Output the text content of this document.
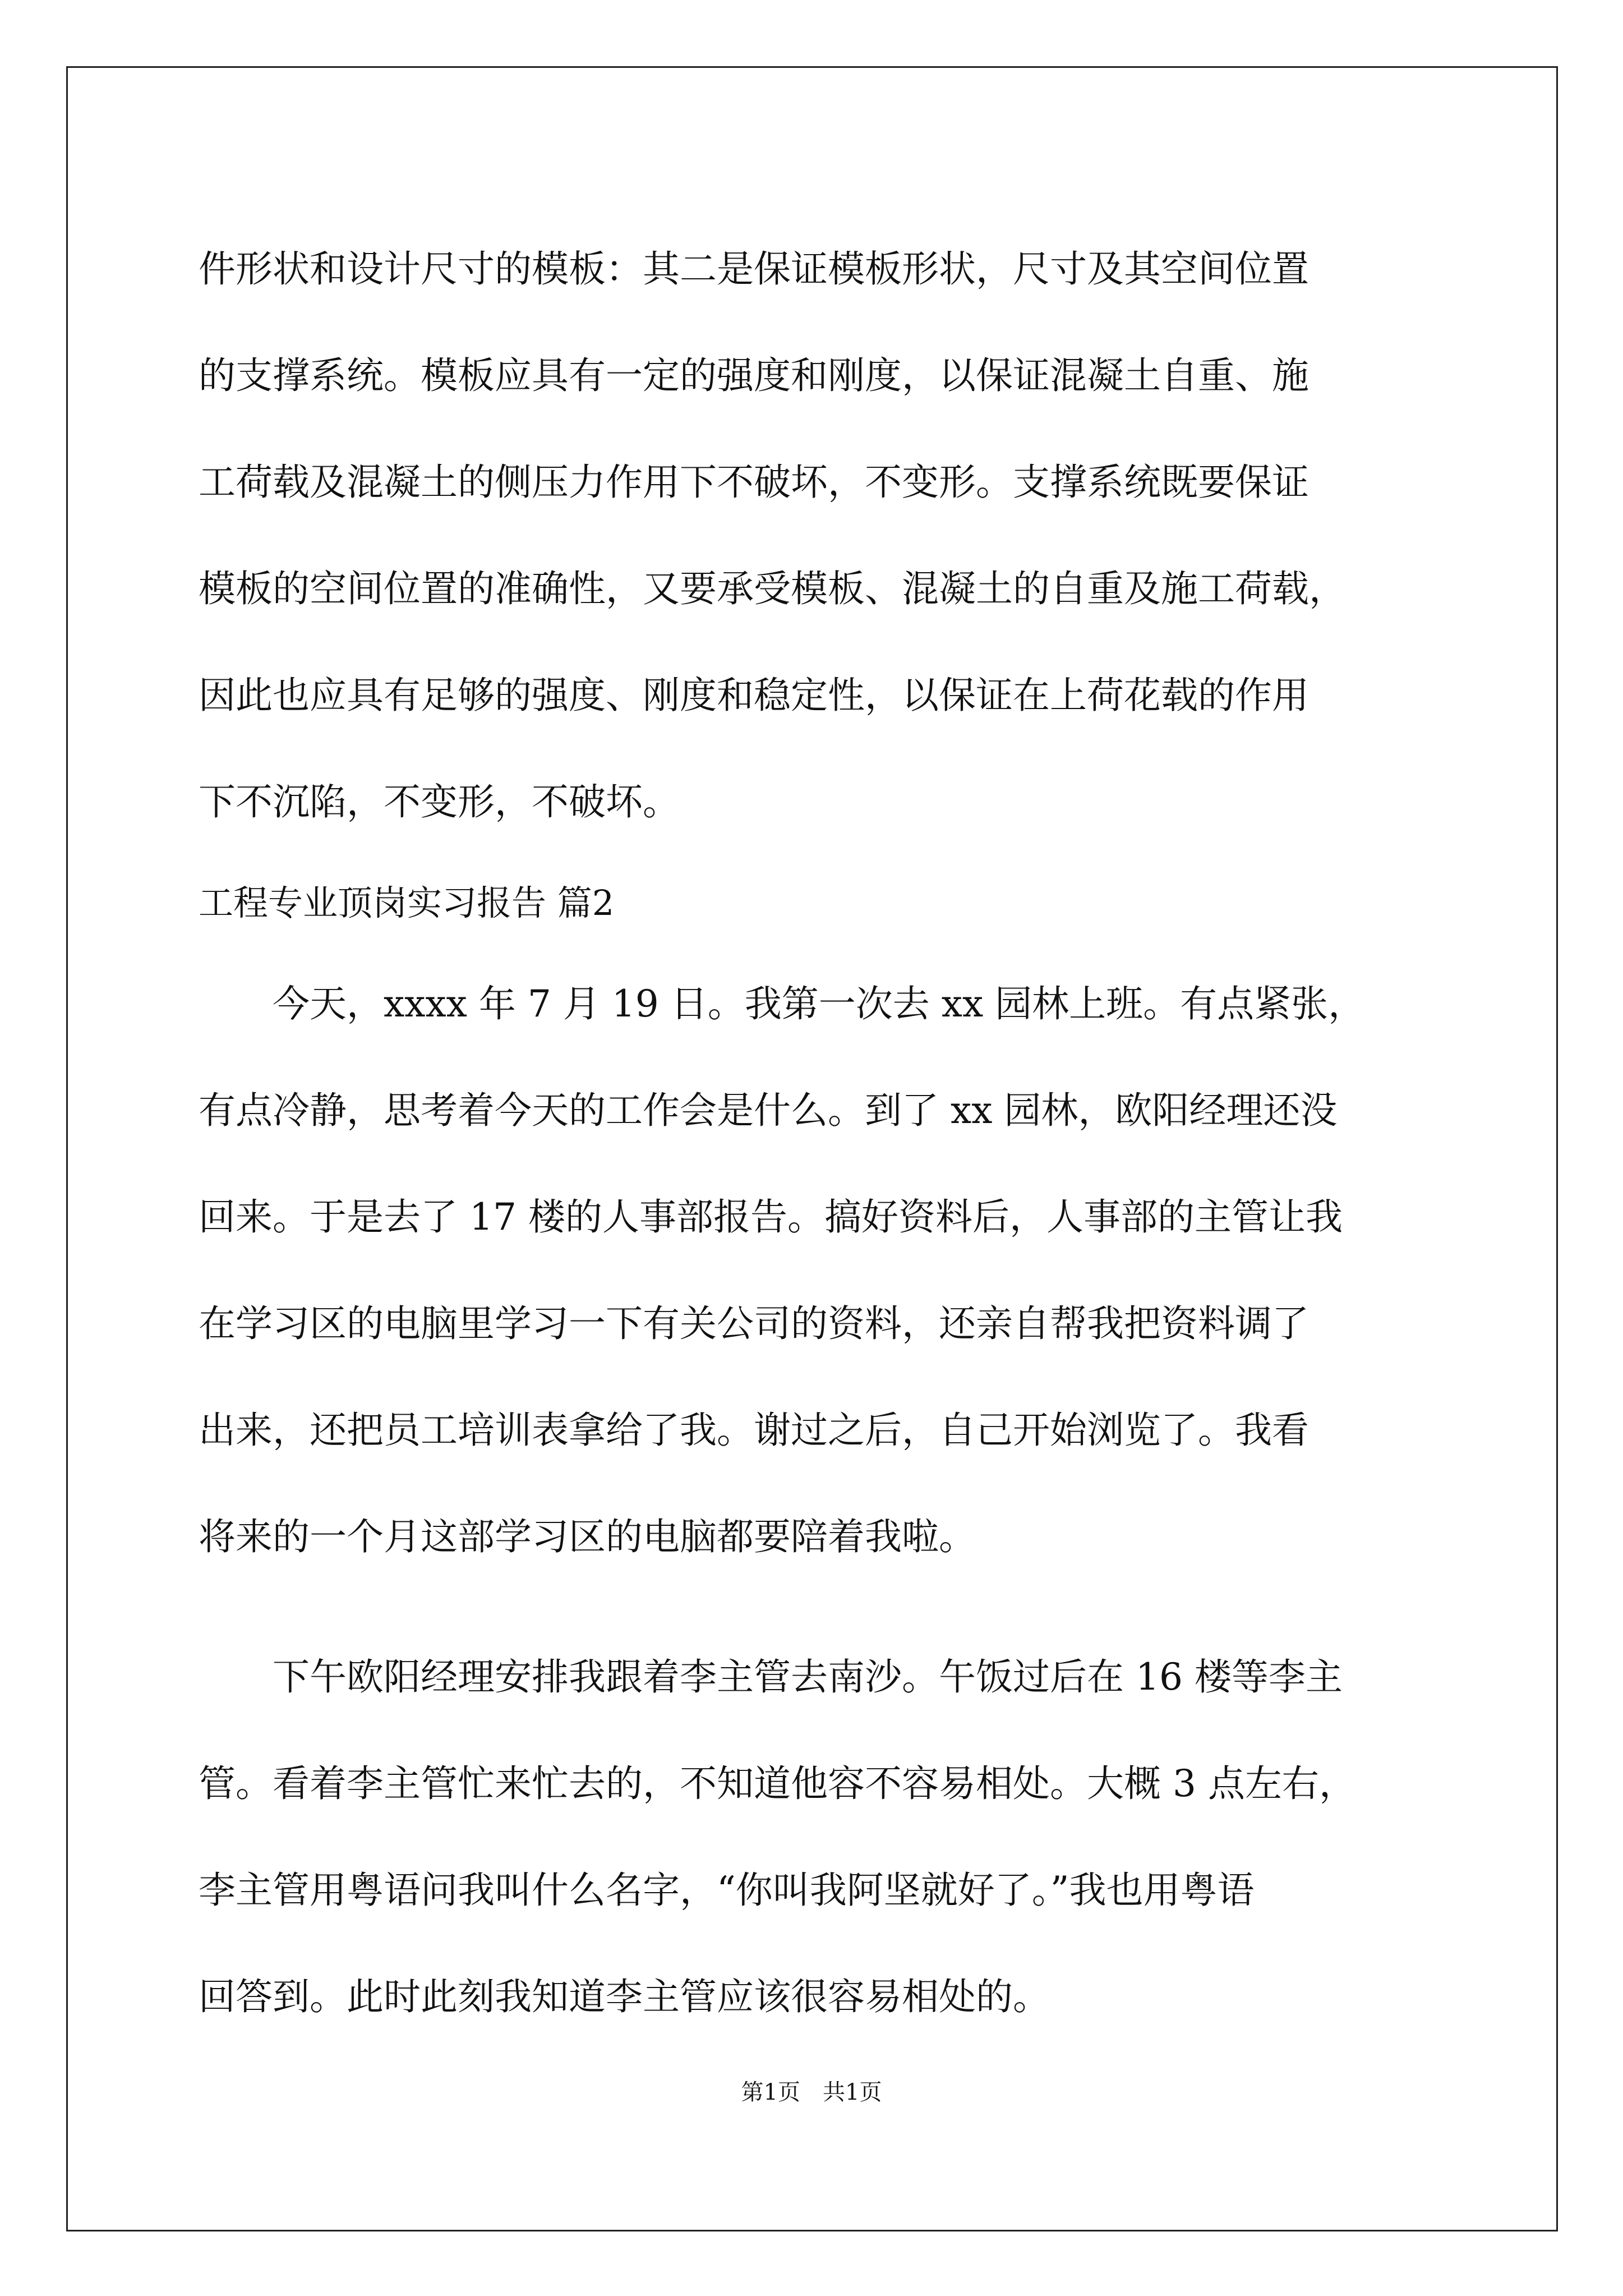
件形状和设计尺寸的模板：其二是保证模板形状，尺寸及其空间位置
的支撑系统。模板应具有一定的强度和刚度，以保证混凝土自重、施
工荷载及混凝土的侧压力作用下不破坏，不变形。支撑系统既要保证
模板的空间位置的准确性，又要承受模板、混凝土的自重及施工荷载，
因此也应具有足够的强度、刚度和稳定性，以保证在上荷花载的作用
下不沉陷，不变形，不破坏。
工程专业顶岗实习报告 篇2
今天，xxxx 年 7 月 19 日。我第一次去 xx 园林上班。有点紧张，
有点冷静，思考着今天的工作会是什么。到了 xx 园林，欧阳经理还没
回来。于是去了 17 楼的人事部报告。搞好资料后，人事部的主管让我
在学习区的电脑里学习一下有关公司的资料，还亲自帮我把资料调了
出来，还把员工培训表拿给了我。谢过之后，自己开始浏览了。我看
将来的一个月这部学习区的电脑都要陪着我啦。
下午欧阳经理安排我跟着李主管去南沙。午饭过后在 16 楼等李主
管。看着李主管忙来忙去的，不知道他容不容易相处。大概 3 点左右，
李主管用粤语问我叫什么名字，“你叫我阿坚就好了。”我也用粤语
回答到。此时此刻我知道李主管应该很容易相处的。
第1页　共1页
